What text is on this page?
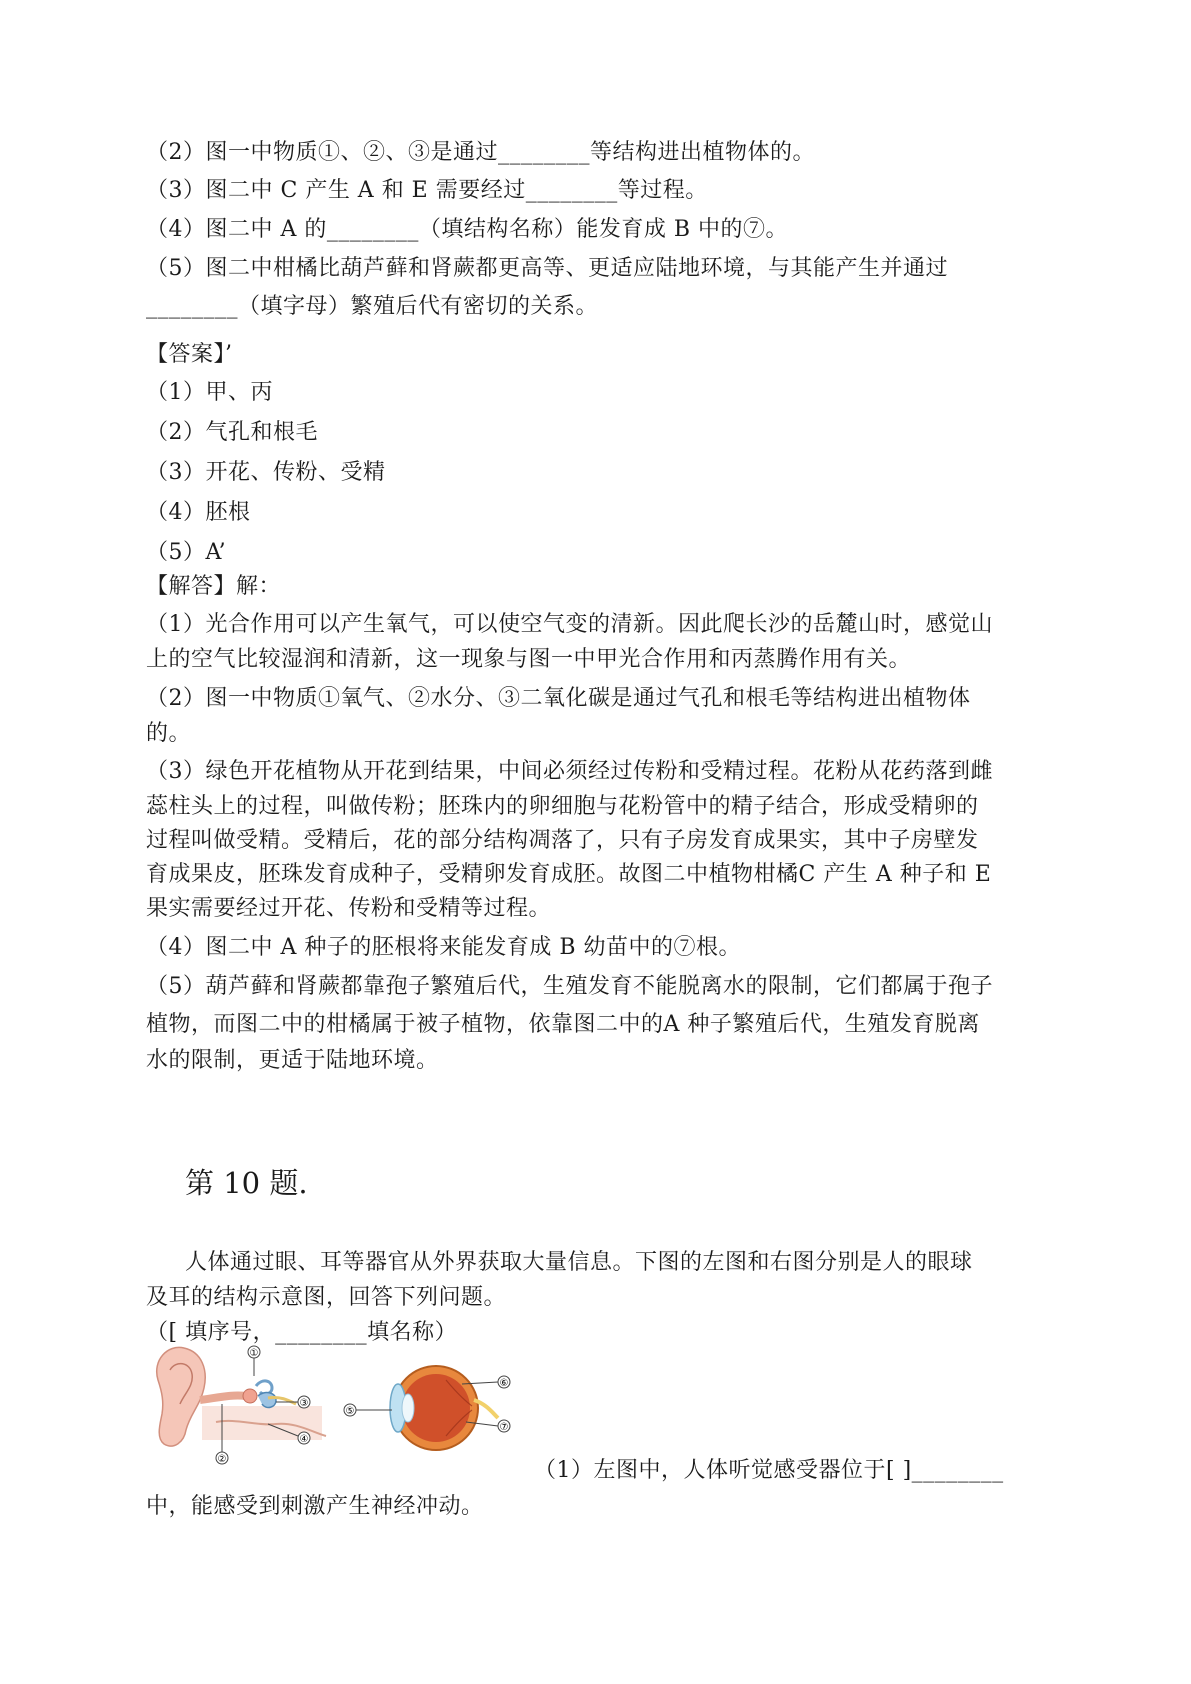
（2）图一中物质①、②、③是通过________等结构进出植物体的。
（3）图二中 C 产生 A 和 E 需要经过________等过程。
（4）图二中 A 的________（填结构名称）能发育成 B 中的⑦。
（5）图二中柑橘比葫芦藓和肾蕨都更高等、更适应陆地环境，与其能产生并通过
________（填字母）繁殖后代有密切的关系。
【答案】’
（1）甲、丙
（2）气孔和根毛
（3）开花、传粉、受精
（4）胚根
（5）A’
【解答】解：
（1）光合作用可以产生氧气，可以使空气变的清新。因此爬长沙的岳麓山时，感觉山
上的空气比较湿润和清新，这一现象与图一中甲光合作用和丙蒸腾作用有关。
（2）图一中物质①氧气、②水分、③二氧化碳是通过气孔和根毛等结构进出植物体
的。
（3）绿色开花植物从开花到结果，中间必须经过传粉和受精过程。花粉从花药落到雌
蕊柱头上的过程，叫做传粉；胚珠内的卵细胞与花粉管中的精子结合，形成受精卵的
过程叫做受精。受精后，花的部分结构凋落了，只有子房发育成果实，其中子房壁发
育成果皮，胚珠发育成种子，受精卵发育成胚。故图二中植物柑橘C 产生 A 种子和 E
果实需要经过开花、传粉和受精等过程。
（4）图二中 A 种子的胚根将来能发育成 B 幼苗中的⑦根。
（5）葫芦藓和肾蕨都靠孢子繁殖后代，生殖发育不能脱离水的限制，它们都属于孢子
植物，而图二中的柑橘属于被子植物，依靠图二中的A 种子繁殖后代，生殖发育脱离
水的限制，更适于陆地环境。
第 10 题.
人体通过眼、耳等器官从外界获取大量信息。下图的左图和右图分别是人的眼球
及耳的结构示意图，回答下列问题。
（[ 填序号，________填名称）
①
②
③
④
⑤
⑥
⑦
（1）左图中，人体听觉感受器位于[ ]________
中，能感受到刺激产生神经冲动。
